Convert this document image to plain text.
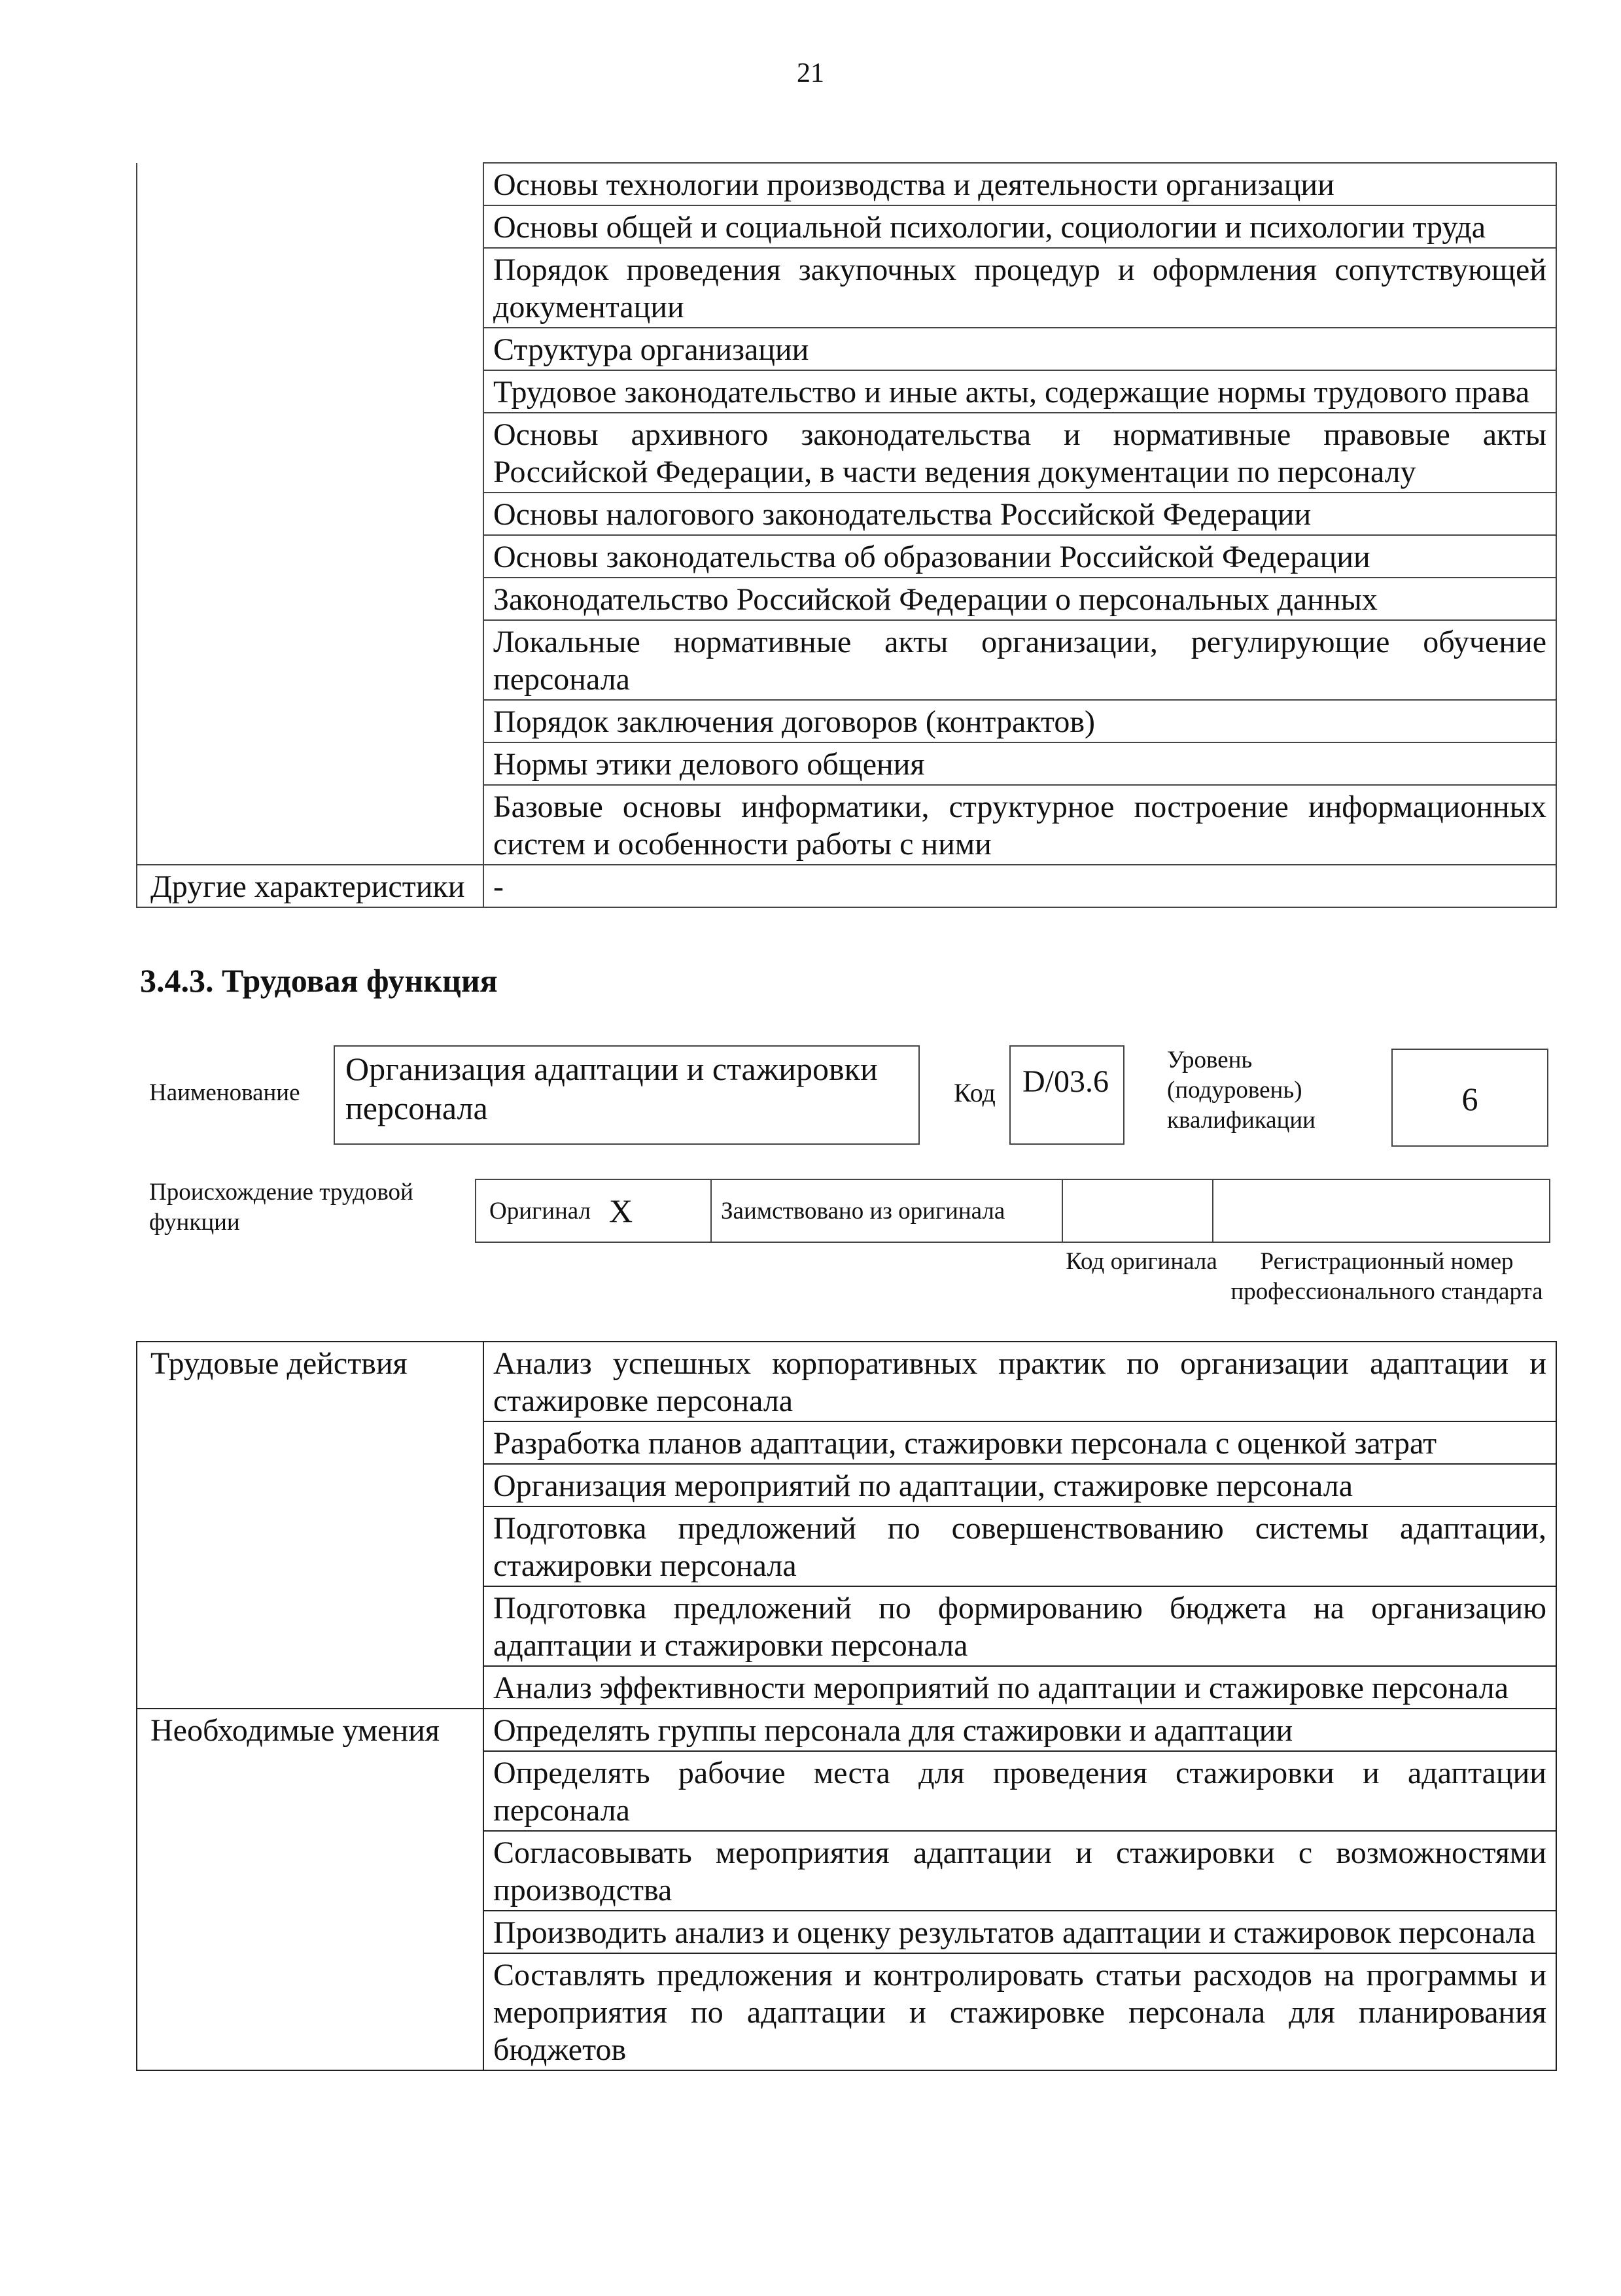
21
	Основы технологии производства и деятельности организации
	Основы общей и социальной психологии, социологии и психологии труда
	Порядок проведения закупочных процедур и оформления сопутствующей документации
	Структура организации
	Трудовое законодательство и иные акты, содержащие нормы трудового права
	Основы архивного законодательства и нормативные правовые акты Российской Федерации, в части ведения документации по персоналу
	Основы налогового законодательства Российской Федерации
	Основы законодательства об образовании Российской Федерации
	Законодательство Российской Федерации о персональных данных
	Локальные нормативные акты организации, регулирующие обучение персонала
	Порядок заключения договоров (контрактов)
	Нормы этики делового общения
	Базовые основы информатики, структурное построение информационных систем и особенности работы с ними
Другие характеристики	-
3.4.3. Трудовая функция
Наименование
Организация адаптации и стажировки персонала	Код D/03.6
Уровень (подуровень) квалификации
6
Происхождение трудовой функции	Оригинал X	Заимствовано из оригинала
Код оригинала	Регистрационный номер профессионального стандарта
Трудовые действия	Анализ успешных корпоративных практик по организации адаптации и стажировке персонала
	Разработка планов адаптации, стажировки персонала с оценкой затрат
	Организация мероприятий по адаптации, стажировке персонала
	Подготовка предложений по совершенствованию системы адаптации, стажировки персонала
	Подготовка предложений по формированию бюджета на организацию адаптации и стажировки персонала
	Анализ эффективности мероприятий по адаптации и стажировке персонала
Необходимые умения	Определять группы персонала для стажировки и адаптации
	Определять рабочие места для проведения стажировки и адаптации персонала
	Согласовывать мероприятия адаптации и стажировки с возможностями производства
	Производить анализ и оценку результатов адаптации и стажировок персонала
	Составлять предложения и контролировать статьи расходов на программы и мероприятия по адаптации и стажировке персонала для планирования бюджетов
